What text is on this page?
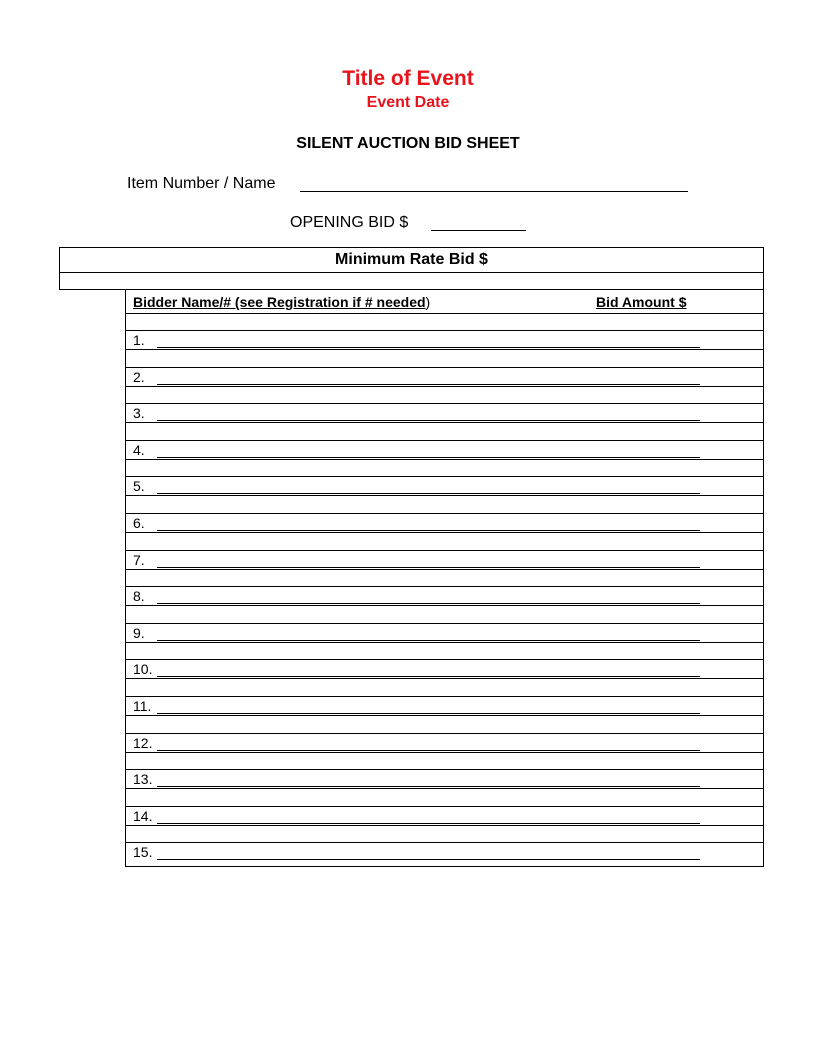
Title of Event
Event Date
SILENT AUCTION BID SHEET
Item Number / Name
OPENING BID $
Minimum Rate Bid $
Bidder Name/# (see Registration if # needed)	Bid Amount $
1.
2.
3.
4.
5.
6.
7.
8.
9.
10.
11.
12.
13.
14.
15.
